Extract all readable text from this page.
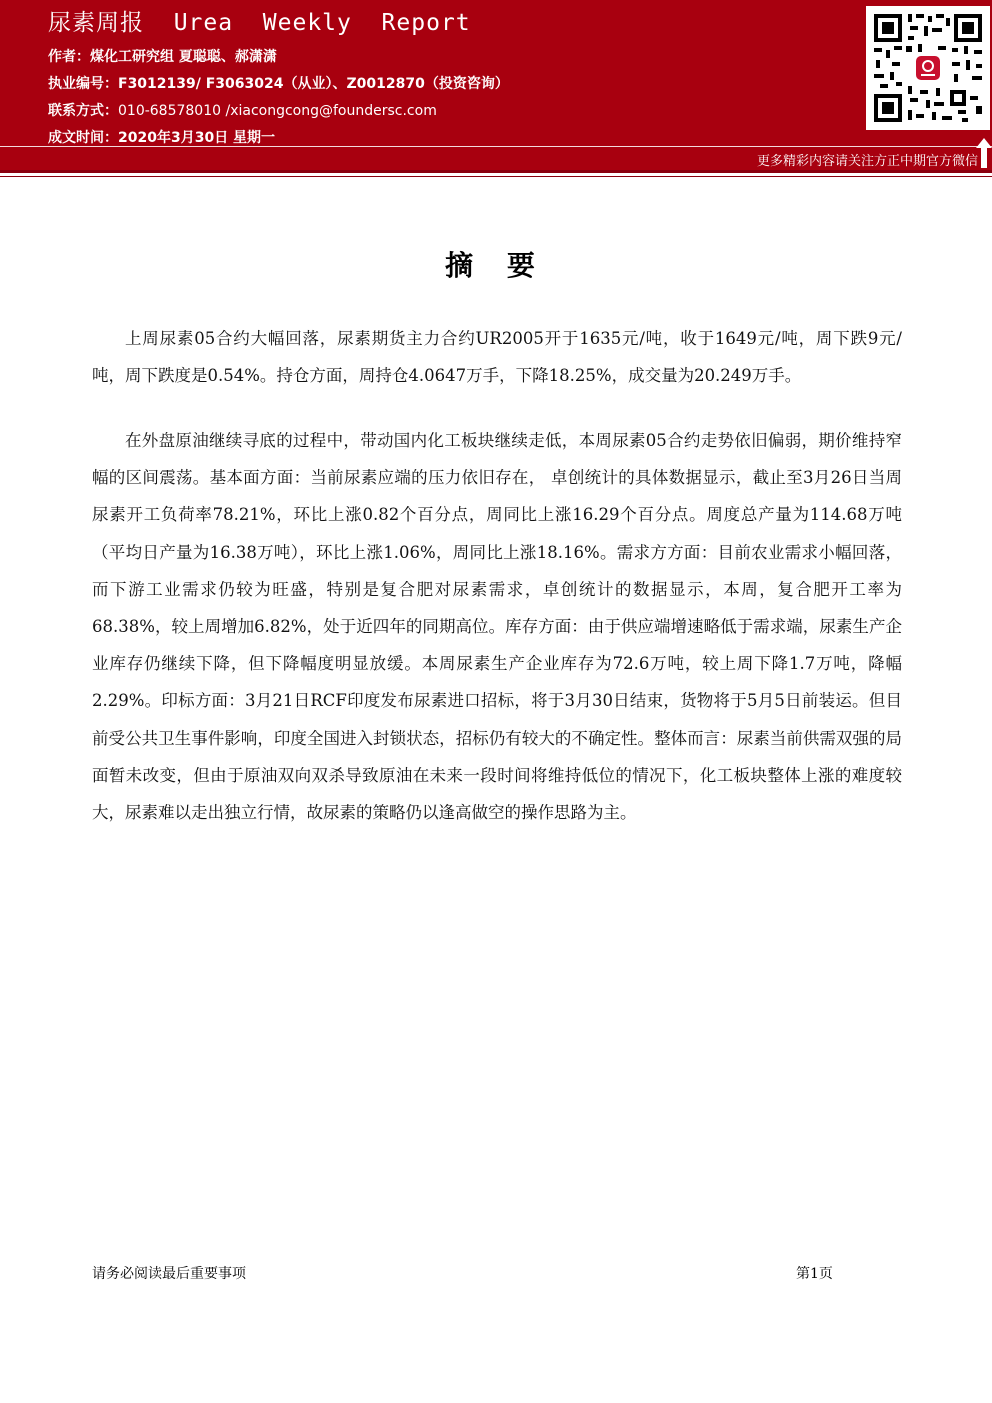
尿素周报  Urea  Weekly  Report
作者：煤化工研究组 夏聪聪、郝潇潇
执业编号：F3012139/ F3063024（从业）、Z0012870（投资咨询）
联系方式：010-68578010 /xiacongcong@foundersc.com
成文时间：2020年3月30日 星期一
更多精彩内容请关注方正中期官方微信
摘 要

上周尿素05合约大幅回落，尿素期货主力合约UR2005开于1635元/吨，收于1649元/吨，周下跌9元/吨，周下跌度是0.54%。持仓方面，周持仓4.0647万手，下降18.25%，成交量为20.249万手。

在外盘原油继续寻底的过程中，带动国内化工板块继续走低，本周尿素05合约走势依旧偏弱，期价维持窄幅的区间震荡。基本面方面：当前尿素应端的压力依旧存在， 卓创统计的具体数据显示，截止至3月26日当周尿素开工负荷率78.21%，环比上涨0.82个百分点，周同比上涨16.29个百分点。周度总产量为114.68万吨（平均日产量为16.38万吨），环比上涨1.06%，周同比上涨18.16%。需求方方面：目前农业需求小幅回落，而下游工业需求仍较为旺盛，特别是复合肥对尿素需求，卓创统计的数据显示，本周，复合肥开工率为68.38%，较上周增加6.82%，处于近四年的同期高位。库存方面：由于供应端增速略低于需求端，尿素生产企业库存仍继续下降，但下降幅度明显放缓。本周尿素生产企业库存为72.6万吨，较上周下降1.7万吨，降幅2.29%。印标方面：3月21日RCF印度发布尿素进口招标，将于3月30日结束，货物将于5月5日前装运。但目前受公共卫生事件影响，印度全国进入封锁状态，招标仍有较大的不确定性。整体而言：尿素当前供需双强的局面暂未改变，但由于原油双向双杀导致原油在未来一段时间将维持低位的情况下，化工板块整体上涨的难度较大，尿素难以走出独立行情，故尿素的策略仍以逢高做空的操作思路为主。

请务必阅读最后重要事项	第1页
